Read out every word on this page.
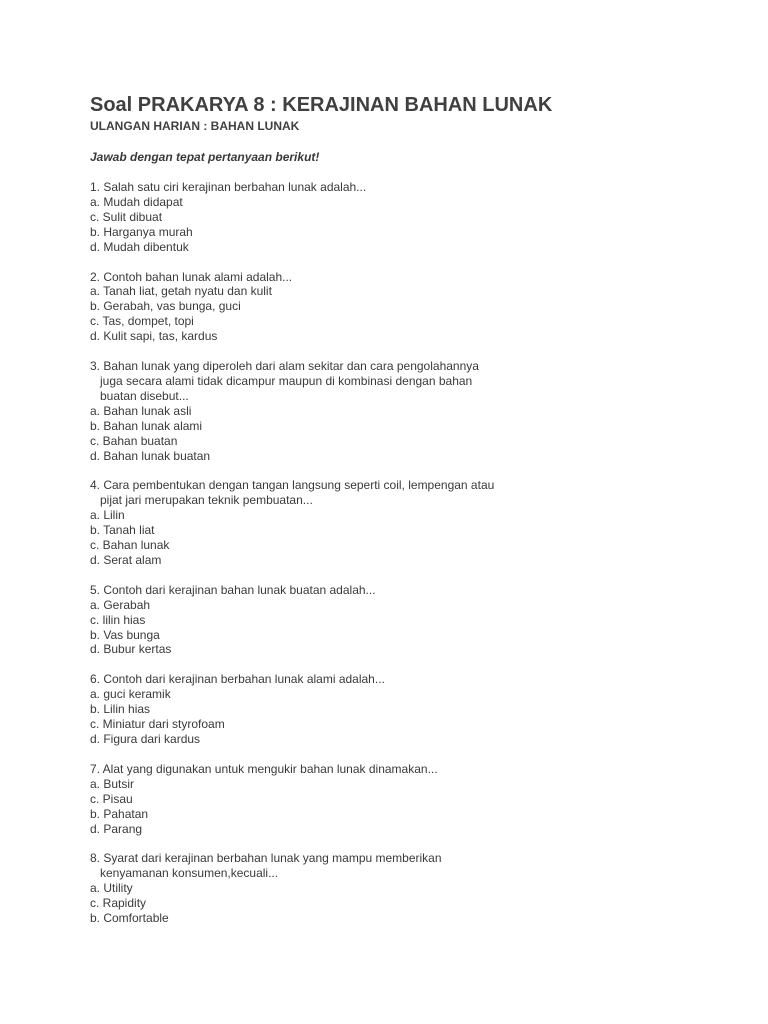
Soal PRAKARYA 8 : KERAJINAN BAHAN LUNAK
ULANGAN HARIAN : BAHAN LUNAK

Jawab dengan tepat pertanyaan berikut!

1. Salah satu ciri kerajinan berbahan lunak adalah...

a. Mudah didapat

c. Sulit dibuat

b. Harganya murah

d. Mudah dibentuk

2. Contoh bahan lunak alami adalah...

a. Tanah liat, getah nyatu dan kulit

b. Gerabah, vas bunga, guci

c. Tas, dompet, topi

d. Kulit sapi, tas, kardus

3. Bahan lunak yang diperoleh dari alam sekitar dan cara pengolahannya

juga secara alami tidak dicampur maupun di kombinasi dengan bahan

buatan disebut...

a. Bahan lunak asli

b. Bahan lunak alami

c. Bahan buatan

d. Bahan lunak buatan

4. Cara pembentukan dengan tangan langsung seperti coil, lempengan atau

pijat jari merupakan teknik pembuatan...

a. Lilin

b. Tanah liat

c. Bahan lunak

d. Serat alam

5. Contoh dari kerajinan bahan lunak buatan adalah...

a. Gerabah

c. lilin hias

b. Vas bunga

d. Bubur kertas

6. Contoh dari kerajinan berbahan lunak alami adalah...

a. guci keramik

b. Lilin hias

c. Miniatur dari styrofoam

d. Figura dari kardus

7. Alat yang digunakan untuk mengukir bahan lunak dinamakan...

a. Butsir

c. Pisau

b. Pahatan

d. Parang

8. Syarat dari kerajinan berbahan lunak yang mampu memberikan

kenyamanan konsumen,kecuali...

a. Utility

c. Rapidity

b. Comfortable
